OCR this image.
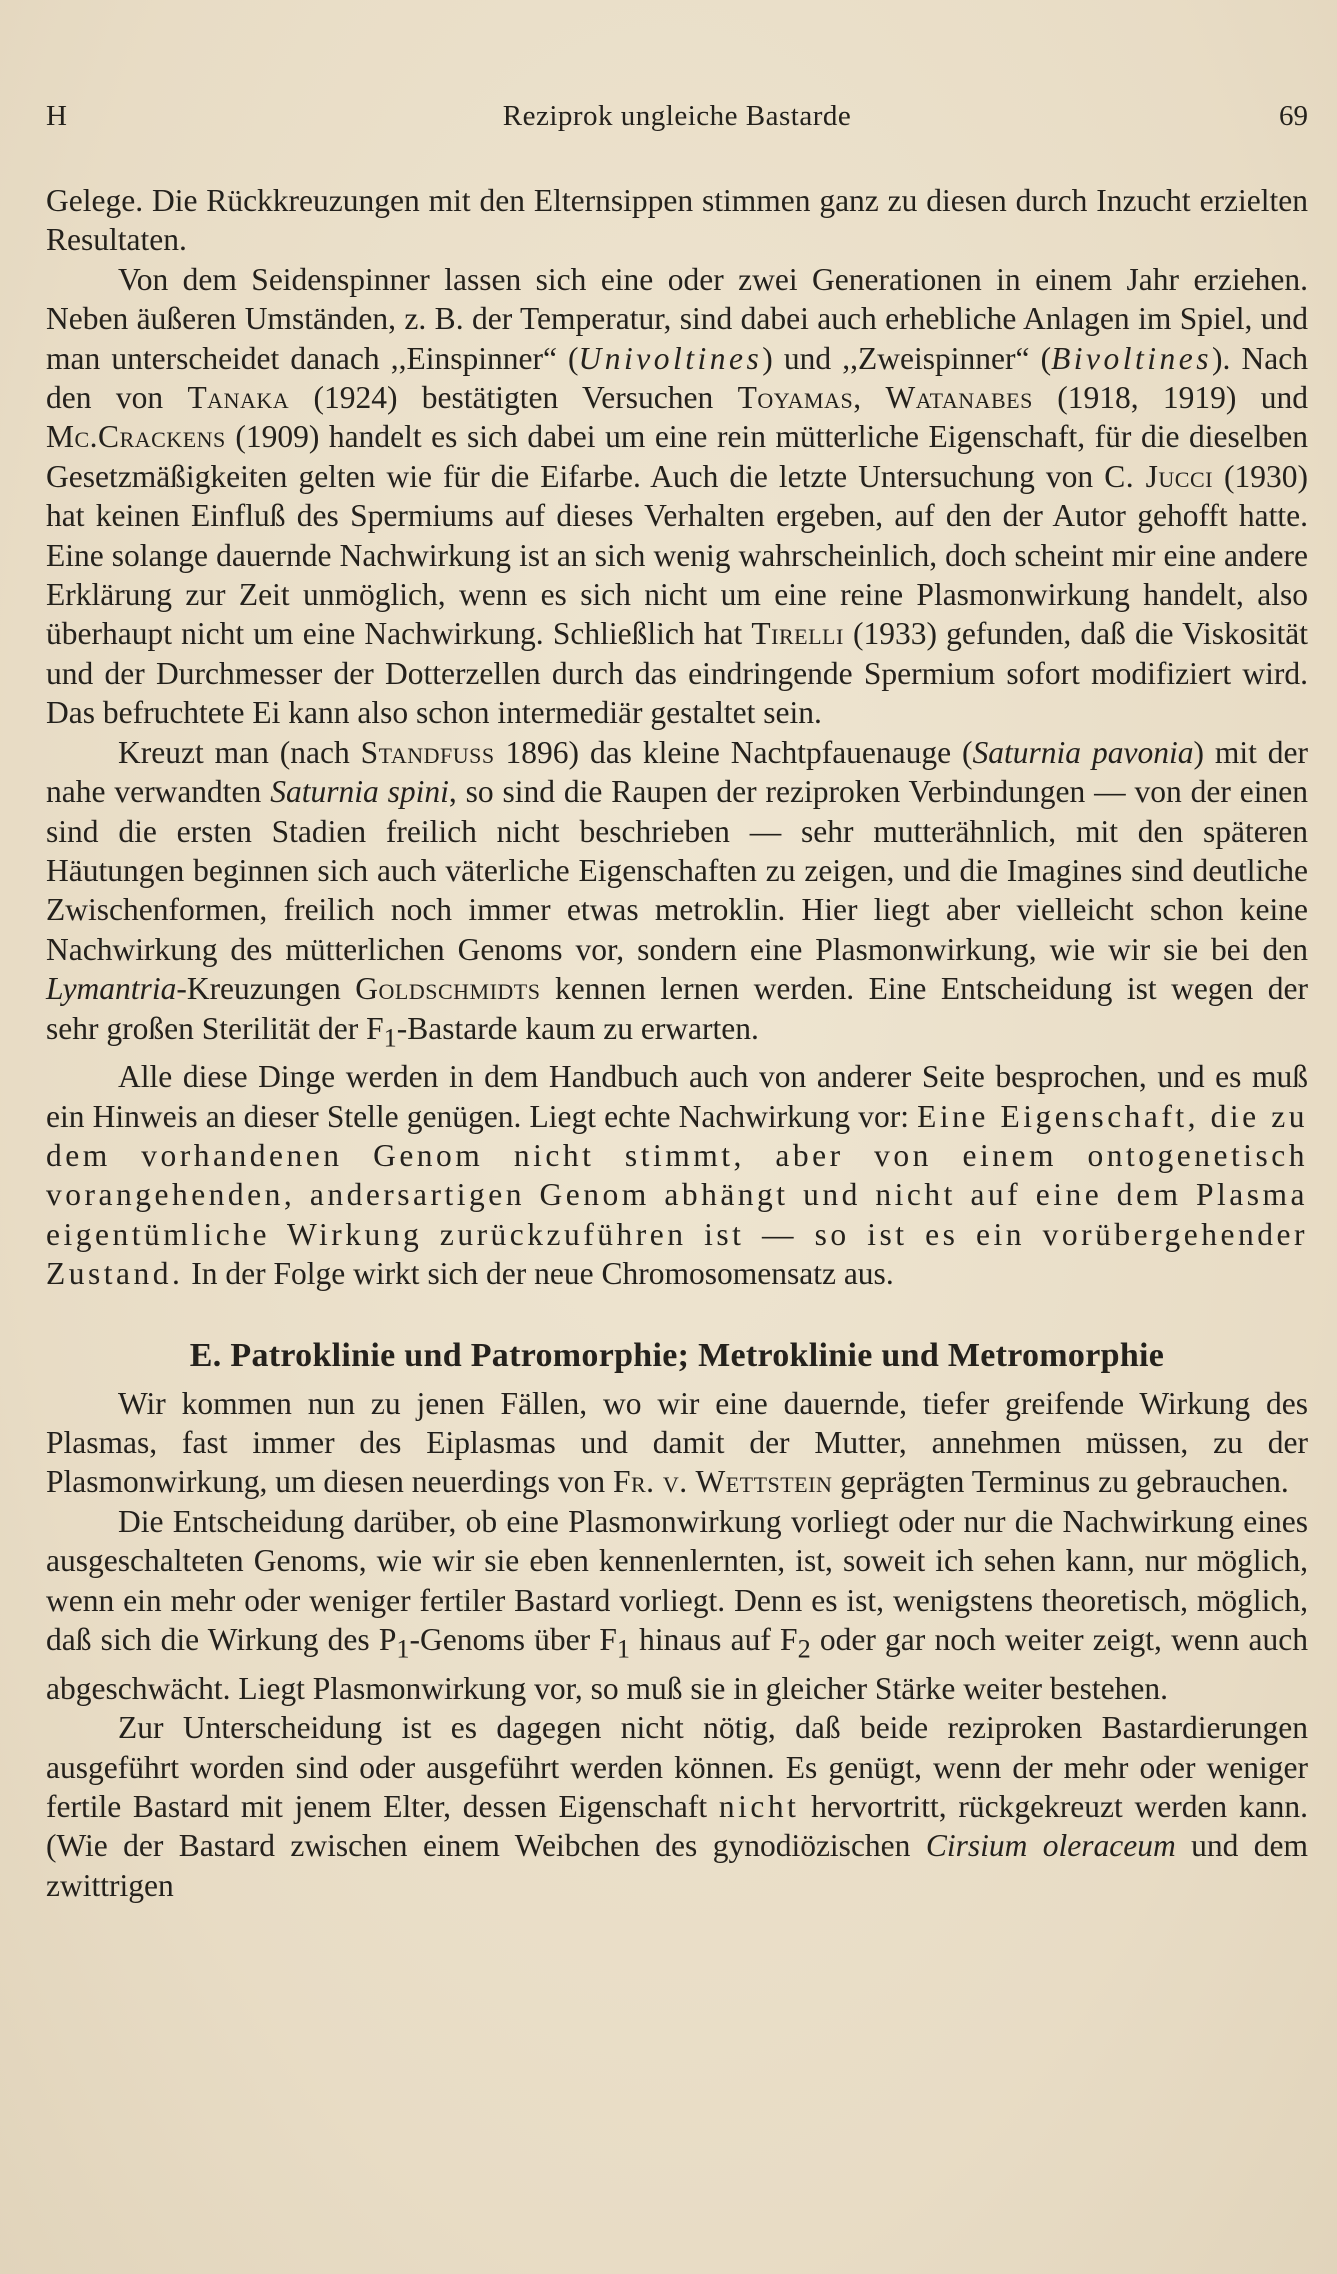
Reziprok ungleiche Bastarde
H	69

Gelege. Die Rückkreuzungen mit den Elternsippen stimmen ganz zu diesen durch Inzucht erzielten Resultaten.

Von dem Seidenspinner lassen sich eine oder zwei Generationen in einem Jahr erziehen. Neben äußeren Umständen, z. B. der Temperatur, sind dabei auch erhebliche Anlagen im Spiel, und man unterscheidet danach ,,Einspinner“ (Univoltines) und ,,Zweispinner“ (Bivoltines). Nach den von Tanaka (1924) bestätigten Versuchen Toyamas, Watanabes (1918, 1919) und Mc.Crackens (1909) handelt es sich dabei um eine rein mütterliche Eigenschaft, für die dieselben Gesetzmäßigkeiten gelten wie für die Eifarbe. Auch die letzte Untersuchung von C. Jucci (1930) hat keinen Einfluß des Spermiums auf dieses Verhalten ergeben, auf den der Autor gehofft hatte. Eine solange dauernde Nachwirkung ist an sich wenig wahrscheinlich, doch scheint mir eine andere Erklärung zur Zeit unmöglich, wenn es sich nicht um eine reine Plasmonwirkung handelt, also überhaupt nicht um eine Nachwirkung. Schließlich hat Tirelli (1933) gefunden, daß die Viskosität und der Durchmesser der Dotterzellen durch das eindringende Spermium sofort modifiziert wird. Das befruchtete Ei kann also schon intermediär gestaltet sein.

Kreuzt man (nach Standfuss 1896) das kleine Nachtpfauenauge (Saturnia pavonia) mit der nahe verwandten Saturnia spini, so sind die Raupen der reziproken Verbindungen — von der einen sind die ersten Stadien freilich nicht beschrieben — sehr mutterähnlich, mit den späteren Häutungen beginnen sich auch väterliche Eigenschaften zu zeigen, und die Imagines sind deutliche Zwischenformen, freilich noch immer etwas metroklin. Hier liegt aber vielleicht schon keine Nachwirkung des mütterlichen Genoms vor, sondern eine Plasmonwirkung, wie wir sie bei den Lymantria-Kreuzungen Goldschmidts kennen lernen werden. Eine Entscheidung ist wegen der sehr großen Sterilität der $F_1$-Bastarde kaum zu erwarten.

Alle diese Dinge werden in dem Handbuch auch von anderer Seite besprochen, und es muß ein Hinweis an dieser Stelle genügen. Liegt echte Nachwirkung vor: Eine Eigenschaft, die zu dem vorhandenen Genom nicht stimmt, aber von einem ontogenetisch vorangehenden, andersartigen Genom abhängt und nicht auf eine dem Plasma eigentümliche Wirkung zurückzuführen ist — so ist es ein vorübergehender Zustand. In der Folge wirkt sich der neue Chromosomensatz aus.

E. Patroklinie und Patromorphie; Metroklinie und Metromorphie

Wir kommen nun zu jenen Fällen, wo wir eine dauernde, tiefer greifende Wirkung des Plasmas, fast immer des Eiplasmas und damit der Mutter, annehmen müssen, zu der Plasmonwirkung, um diesen neuerdings von Fr. v. Wettstein geprägten Terminus zu gebrauchen.

Die Entscheidung darüber, ob eine Plasmonwirkung vorliegt oder nur die Nachwirkung eines ausgeschalteten Genoms, wie wir sie eben kennenlernten, ist, soweit ich sehen kann, nur möglich, wenn ein mehr oder weniger fertiler Bastard vorliegt. Denn es ist, wenigstens theoretisch, möglich, daß sich die Wirkung des $P_1$-Genoms über $F_1$ hinaus auf $F_2$ oder gar noch weiter zeigt, wenn auch abgeschwächt. Liegt Plasmonwirkung vor, so muß sie in gleicher Stärke weiter bestehen.

Zur Unterscheidung ist es dagegen nicht nötig, daß beide reziproken Bastardierungen ausgeführt worden sind oder ausgeführt werden können. Es genügt, wenn der mehr oder weniger fertile Bastard mit jenem Elter, dessen Eigenschaft nicht hervortritt, rückgekreuzt werden kann. (Wie der Bastard zwischen einem Weibchen des gynodiözischen Cirsium oleraceum und dem zwittrigen
